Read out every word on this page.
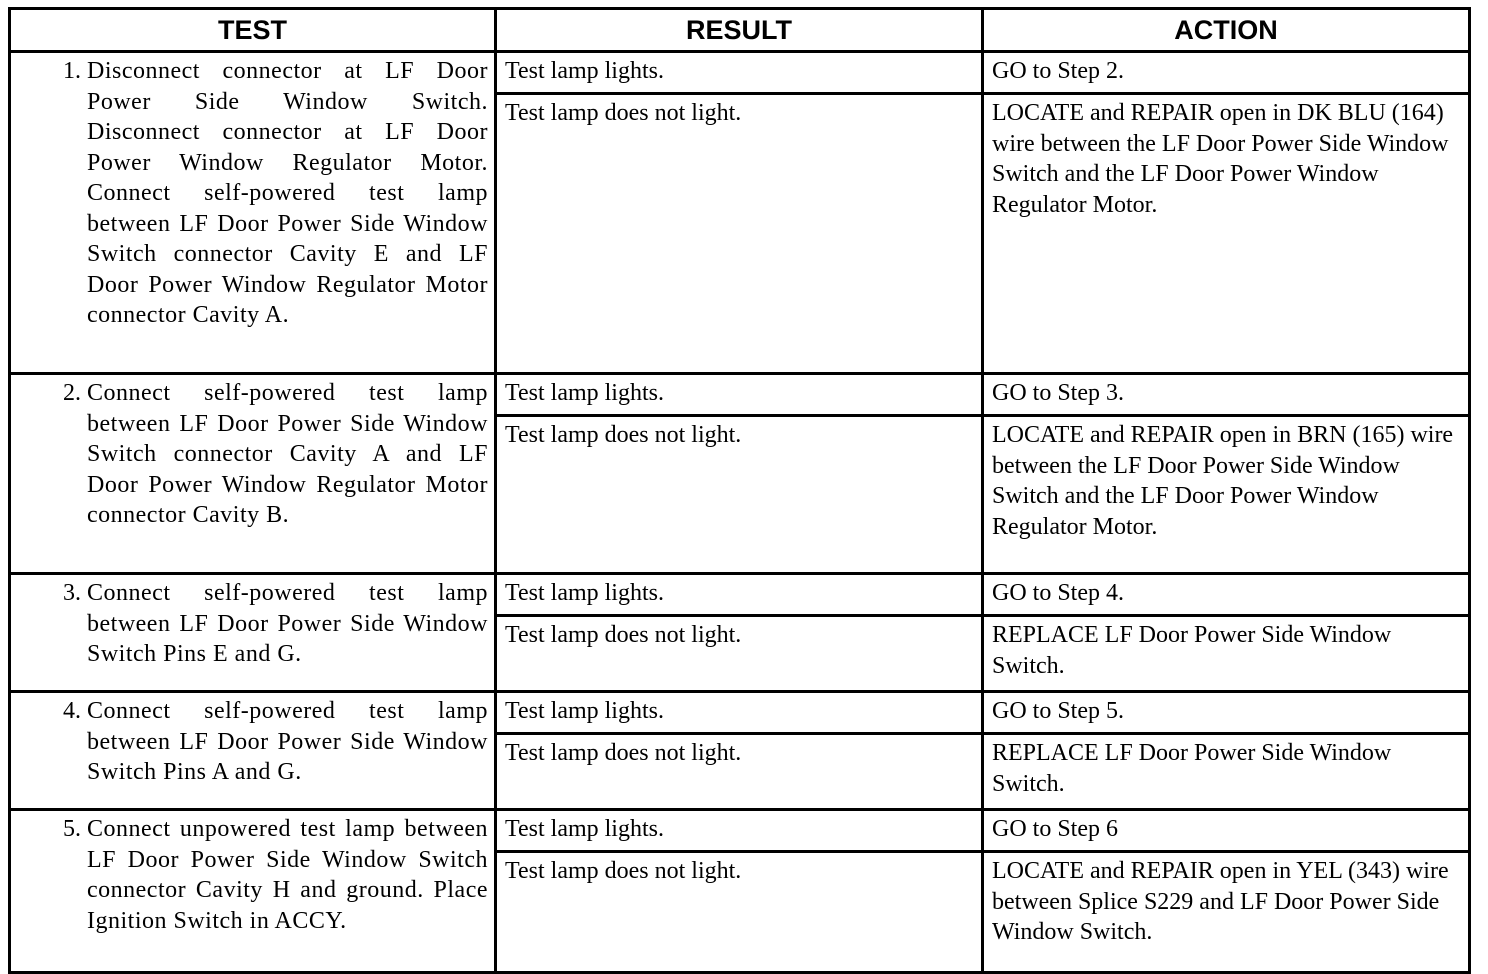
TEST	RESULT	ACTION

1. Disconnect connector at LF Door Power Side Window Switch. Disconnect connector at LF Door Power Window Regulator Motor. Connect self-powered test lamp between LF Door Power Side Window Switch connector Cavity E and LF Door Power Window Regulator Motor connector Cavity A.	Test lamp lights.	GO to Step 2.
	Test lamp does not light.	LOCATE and REPAIR open in DK BLU (164) wire between the LF Door Power Side Window Switch and the LF Door Power Window Regulator Motor.

2. Connect self-powered test lamp between LF Door Power Side Window Switch connector Cavity A and LF Door Power Window Regulator Motor connector Cavity B.	Test lamp lights.	GO to Step 3.
	Test lamp does not light.	LOCATE and REPAIR open in BRN (165) wire between the LF Door Power Side Window Switch and the LF Door Power Window Regulator Motor.

3. Connect self-powered test lamp between LF Door Power Side Window Switch Pins E and G.	Test lamp lights.	GO to Step 4.
	Test lamp does not light.	REPLACE LF Door Power Side Window Switch.

4. Connect self-powered test lamp between LF Door Power Side Window Switch Pins A and G.	Test lamp lights.	GO to Step 5.
	Test lamp does not light.	REPLACE LF Door Power Side Window Switch.

5. Connect unpowered test lamp between LF Door Power Side Window Switch connector Cavity H and ground. Place Ignition Switch in ACCY.	Test lamp lights.	GO to Step 6
	Test lamp does not light.	LOCATE and REPAIR open in YEL (343) wire between Splice S229 and LF Door Power Side Window Switch.
